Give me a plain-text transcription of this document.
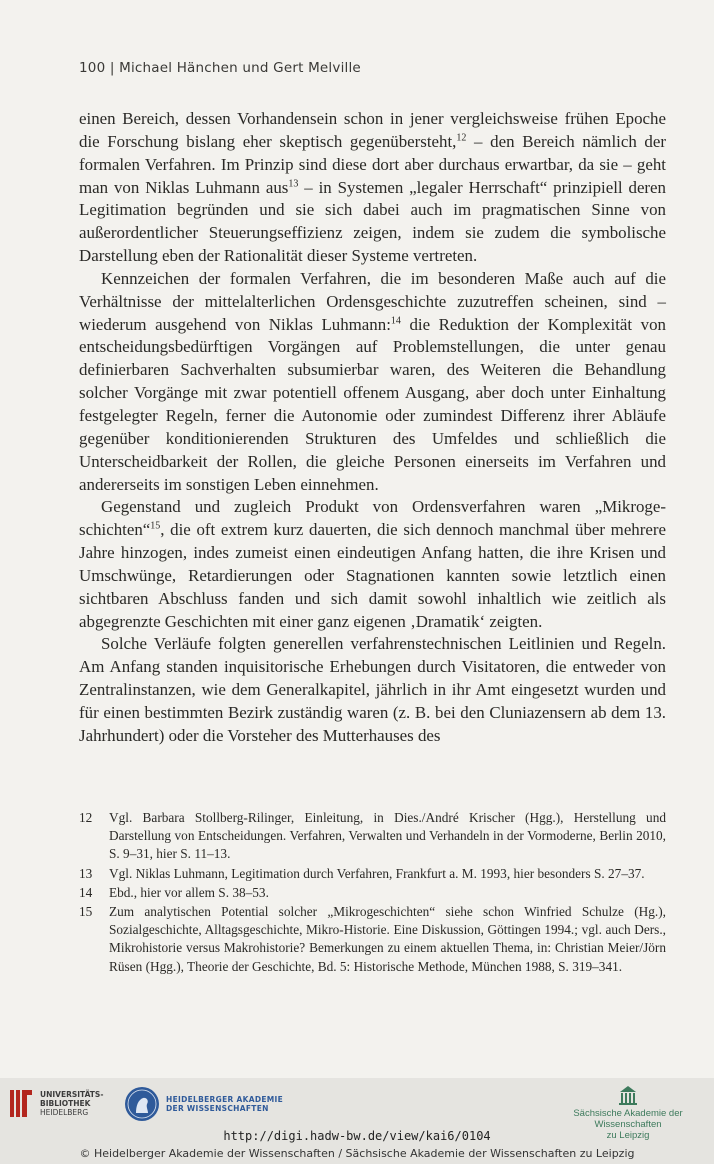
100 | Michael Hänchen und Gert Melville

einen Bereich, dessen Vorhandensein schon in jener vergleichsweise frühen Epoche die Forschung bislang eher skeptisch gegenübersteht,$^{12}$ – den Bereich nämlich der formalen Verfahren. Im Prinzip sind diese dort aber durchaus erwartbar, da sie – geht man von Niklas Luhmann aus$^{13}$ – in Systemen „legaler Herrschaft“ prinzipiell deren Legitimation begründen und sie sich dabei auch im pragmatischen Sinne von außerordentlicher Steuerungseffizienz zeigen, indem sie zudem die symbolische Darstellung eben der Rationalität dieser Systeme vertreten.

Kennzeichen der formalen Verfahren, die im besonderen Maße auch auf die Verhältnisse der mittelalterlichen Ordensgeschichte zuzutreffen scheinen, sind – wiederum ausgehend von Niklas Luhmann:$^{14}$ die Reduktion der Komplexität von entscheidungsbedürftigen Vorgängen auf Problemstellungen, die unter genau definierbaren Sachverhalten subsumierbar waren, des Weiteren die Behandlung solcher Vorgänge mit zwar potentiell offenem Ausgang, aber doch unter Einhaltung festgelegter Regeln, ferner die Autonomie oder zumindest Differenz ihrer Abläufe gegenüber konditionierenden Strukturen des Umfeldes und schließlich die Unterscheidbarkeit der Rollen, die gleiche Personen einerseits im Verfahren und andererseits im sonstigen Leben einnehmen.

Gegenstand und zugleich Produkt von Ordensverfahren waren „Mikrogeschichten“$^{15}$, die oft extrem kurz dauerten, die sich dennoch manchmal über mehrere Jahre hinzogen, indes zumeist einen eindeutigen Anfang hatten, die ihre Krisen und Umschwünge, Retardierungen oder Stagnationen kannten sowie letztlich einen sichtbaren Abschluss fanden und sich damit sowohl inhaltlich wie zeitlich als abgegrenzte Geschichten mit einer ganz eigenen ‚Dramatik‘ zeigten.

Solche Verläufe folgten generellen verfahrenstechnischen Leitlinien und Regeln. Am Anfang standen inquisitorische Erhebungen durch Visitatoren, die entweder von Zentralinstanzen, wie dem Generalkapitel, jährlich in ihr Amt eingesetzt wurden und für einen bestimmten Bezirk zuständig waren (z. B. bei den Cluniazensern ab dem 13. Jahrhundert) oder die Vorsteher des Mutterhauses des

12	Vgl. Barbara Stollberg-Rilinger, Einleitung, in Dies./André Krischer (Hgg.), Herstellung und Darstellung von Entscheidungen. Verfahren, Verwalten und Verhandeln in der Vormoderne, Berlin 2010, S. 9–31, hier S. 11–13.
13	Vgl. Niklas Luhmann, Legitimation durch Verfahren, Frankfurt a. M. 1993, hier besonders S. 27–37.
14	Ebd., hier vor allem S. 38–53.
15	Zum analytischen Potential solcher „Mikrogeschichten“ siehe schon Winfried Schulze (Hg.), Sozialgeschichte, Alltagsgeschichte, Mikro-Historie. Eine Diskussion, Göttingen 1994.; vgl. auch Ders., Mikrohistorie versus Makrohistorie? Bemerkungen zu einem aktuellen Thema, in: Christian Meier/Jörn Rüsen (Hgg.), Theorie der Geschichte, Bd. 5: Historische Methode, München 1988, S. 319–341.
UNIVERSITÄTS-
BIBLIOTHEK
HEIDELBERG
HEIDELBERGER AKADEMIE
DER WISSENSCHAFTEN	Sächsische Akademie der Wissenschaften
zu Leipzig
http://digi.hadw-bw.de/view/kai6/0104
© Heidelberger Akademie der Wissenschaften / Sächsische Akademie der Wissenschaften zu Leipzig
